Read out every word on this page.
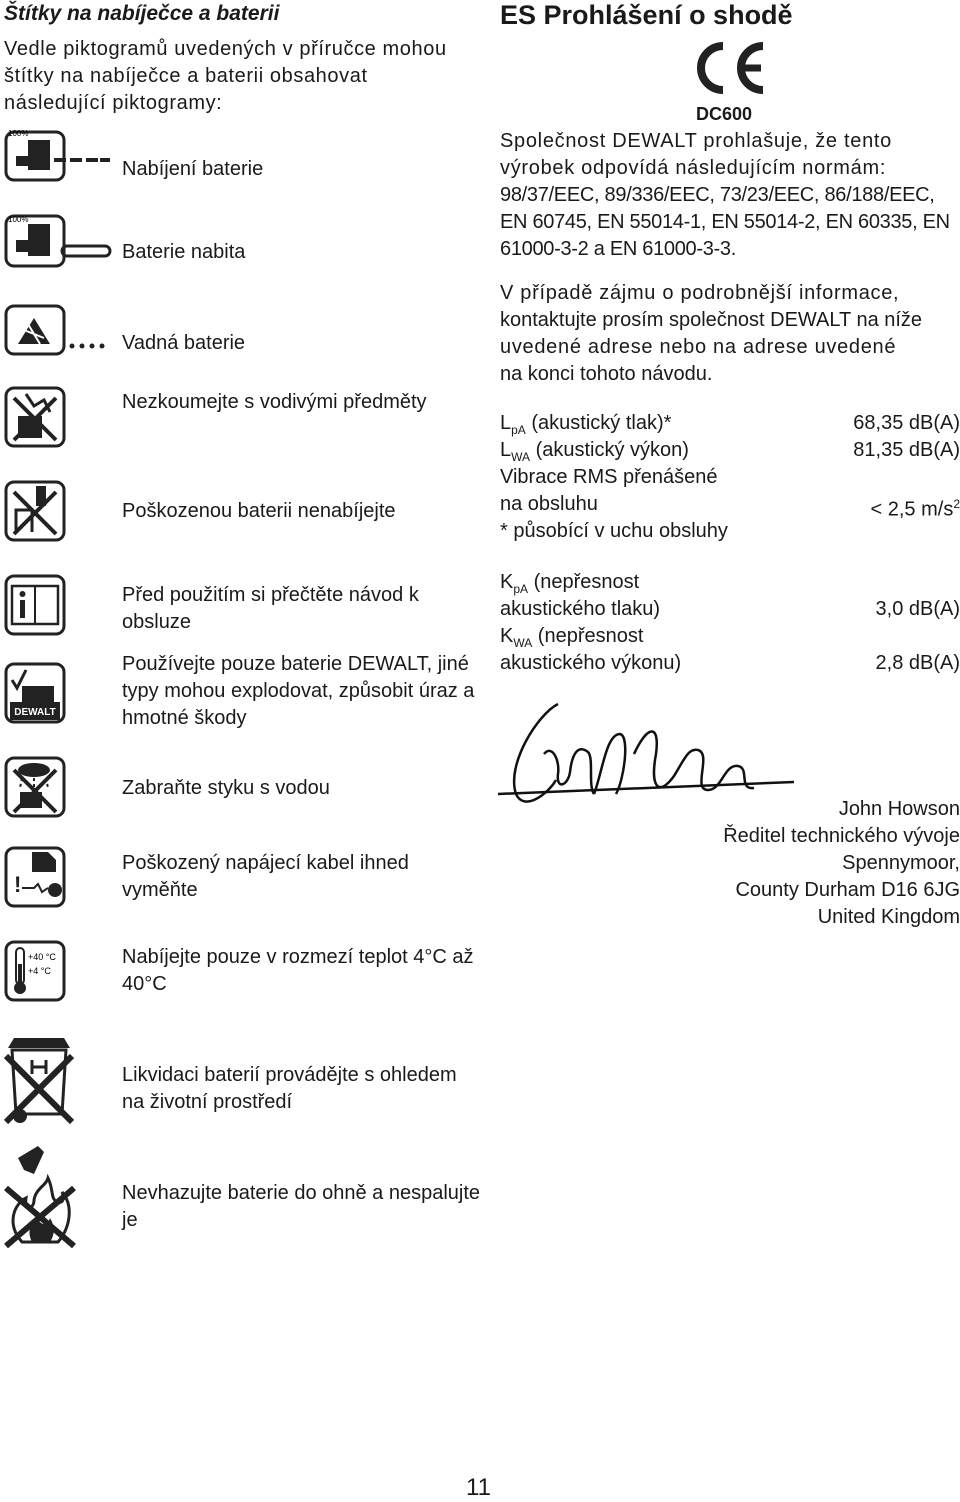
Štítky na nabíječce a baterii
Vedle piktogramů uvedených v příručce mohou štítky na nabíječce a baterii obsahovat následující piktogramy:
100%
Nabíjení baterie
100%
Baterie nabita
Vadná baterie
Nezkoumejte s vodivými předměty
Poškozenou baterii nenabíjejte
Před použitím si přečtěte návod k obsluze
DEWALT
Používejte pouze baterie DEWALT, jiné typy mohou explodovat, způsobit úraz a hmotné škody
Zabraňte styku s vodou
!
Poškozený napájecí kabel ihned vyměňte
+40 °C
+4 °C
Nabíjejte pouze v rozmezí teplot 4°C až 40°C
Likvidaci baterií provádějte s ohledem na životní prostředí
Nevhazujte baterie do ohně a nespalujte je
ES Prohlášení o shodě
DC600
Společnost DEWALT prohlašuje, že tento výrobek odpovídá následujícím normám:
98/37/EEC, 89/336/EEC, 73/23/EEC, 86/188/EEC, EN 60745, EN 55014-1, EN 55014-2, EN 60335, EN 61000-3-2 a EN 61000-3-3.
V případě zájmu o podrobnější informace,
kontaktujte prosím společnost DEWALT na níže
uvedené adrese nebo na adrese uvedené
na konci tohoto návodu.
$L_{pA}$ (akustický tlak)*	68,35 dB(A)
$L_{WA}$ (akustický výkon)	81,35 dB(A)
Vibrace RMS přenášené
na obsluhu	< 2,5 $m/s^2$
* působící v uchu obsluhy
$K_{pA}$ (nepřesnost
akustického tlaku)	3,0 dB(A)
$K_{WA}$ (nepřesnost
akustického výkonu)	2,8 dB(A)
John Howson
Ředitel technického vývoje
Spennymoor,
County Durham D16 6JG
United Kingdom
11
